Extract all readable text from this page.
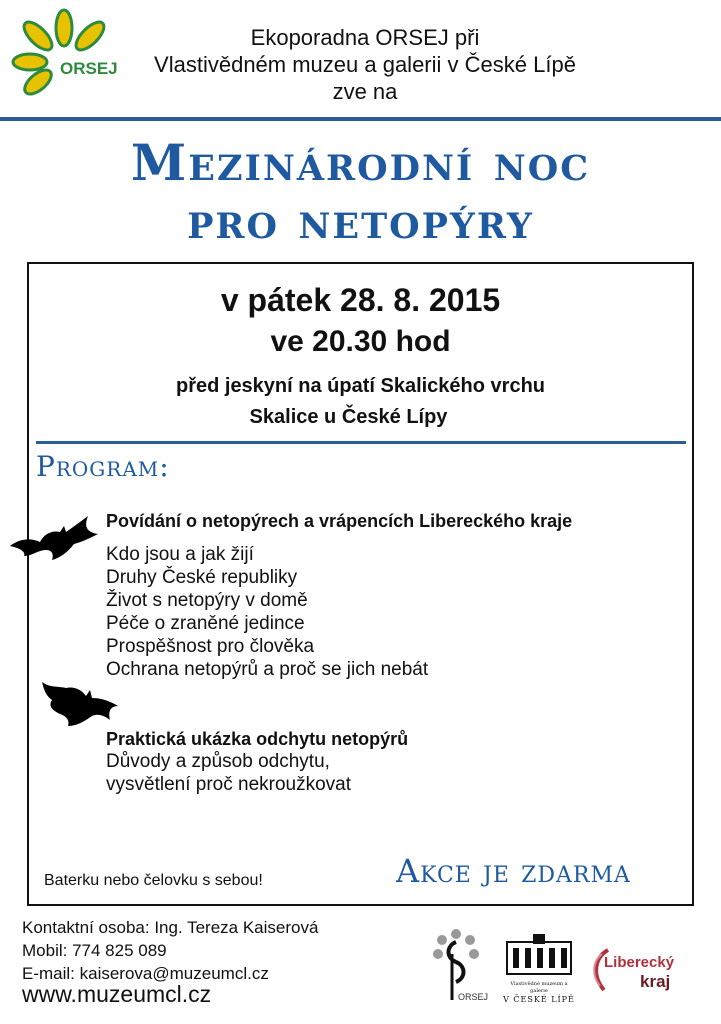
ORSEJ
Ekoporadna ORSEJ při
Vlastivědném muzeu a galerii v České Lípě
zve na
Mezinárodní noc
pro netopýry
v pátek 28. 8. 2015
ve 20.30 hod
před jeskyní na úpatí Skalického vrchu
Skalice u České Lípy
Program:
Povídání o netopýrech a vrápencích Libereckého kraje
Kdo jsou a jak žijí
Druhy České republiky
Život s netopýry v domě
Péče o zraněné jedince
Prospěšnost pro člověka
Ochrana netopýrů a proč se jich nebát
Praktická ukázka odchytu netopýrů
Důvody a způsob odchytu,
vysvětlení proč nekroužkovat
Baterku nebo čelovku s sebou!	Akce je zdarma
Kontaktní osoba: Ing. Tereza Kaiserová
Mobil: 774 825 089
E-mail: kaiserova@muzeumcl.cz
www.muzeumcl.cz	ORSEJ
Vlastivědné muzeum a galerie
V ČESKÉ LÍPĚ
Liberecký
kraj
